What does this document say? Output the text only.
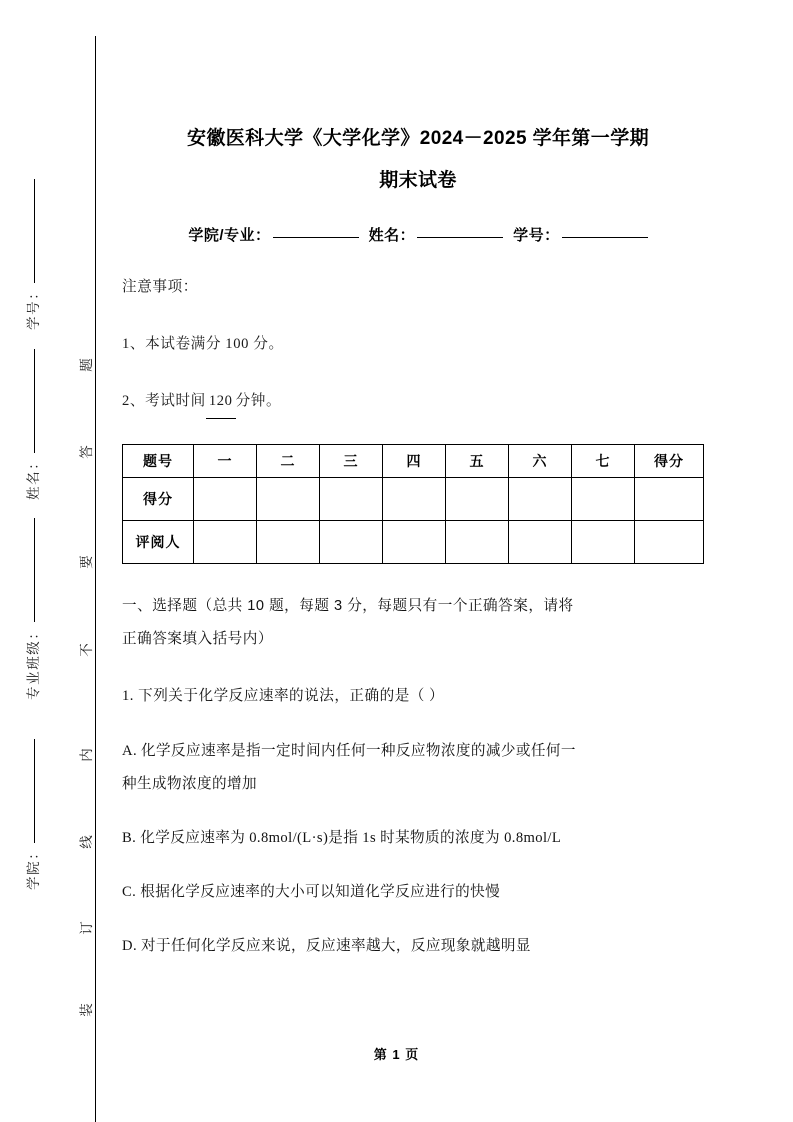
学号：
姓名：
专业班级：
学院：
题
答
要
不
内
线
订
装
安徽医科大学《大学化学》2024－2025 学年第一学期
期末试卷
学院/专业：	姓名：	学号：

注意事项：

1、本试卷满分 100 分。

2、考试时间 120 分钟。

题号	一	二	三	四	五	六	七	得分
得分								
评阅人								
一、选择题（总共 10 题，每题 3 分，每题只有一个正确答案，请将
正确答案填入括号内）
1. 下列关于化学反应速率的说法，正确的是（ ）
A. 化学反应速率是指一定时间内任何一种反应物浓度的减少或任何一
种生成物浓度的增加
B. 化学反应速率为 0.8mol/(L·s)是指 1s 时某物质的浓度为 0.8mol/L
C. 根据化学反应速率的大小可以知道化学反应进行的快慢
D. 对于任何化学反应来说，反应速率越大，反应现象就越明显
第 1 页
